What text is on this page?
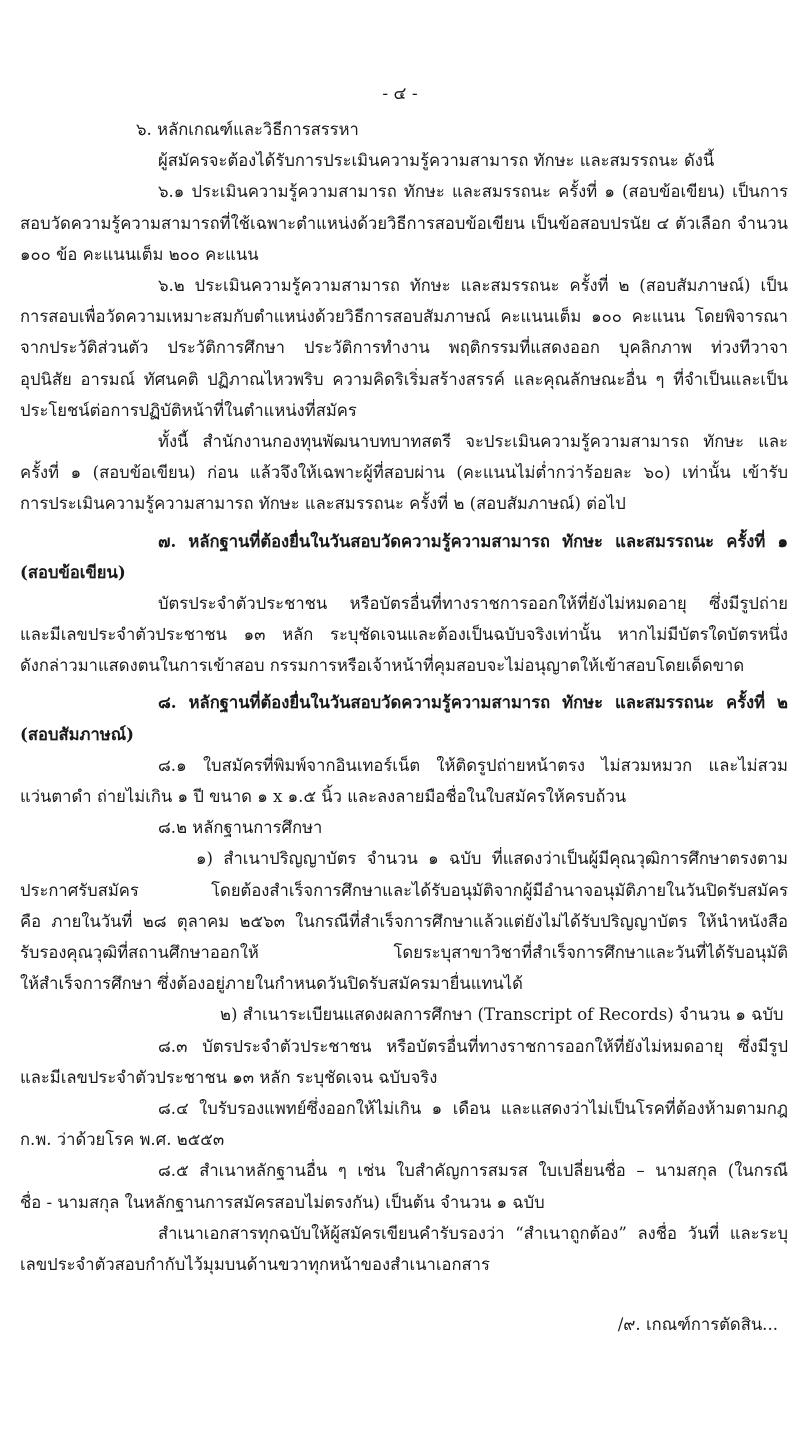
- ๔ -
๖. หลักเกณฑ์และวิธีการสรรหา
ผู้สมัครจะต้องได้รับการประเมินความรู้ความสามารถ ทักษะ และสมรรถนะ ดังนี้
๖.๑ ประเมินความรู้ความสามารถ ทักษะ และสมรรถนะ ครั้งที่ ๑ (สอบข้อเขียน) เป็นการ
สอบวัดความรู้ความสามารถที่ใช้เฉพาะตำแหน่งด้วยวิธีการสอบข้อเขียน เป็นข้อสอบปรนัย ๔ ตัวเลือก จำนวน
๑๐๐ ข้อ คะแนนเต็ม ๒๐๐ คะแนน
๖.๒ ประเมินความรู้ความสามารถ ทักษะ และสมรรถนะ ครั้งที่ ๒ (สอบสัมภาษณ์) เป็น
การสอบเพื่อวัดความเหมาะสมกับตำแหน่งด้วยวิธีการสอบสัมภาษณ์ คะแนนเต็ม ๑๐๐ คะแนน โดยพิจารณา
จากประวัติส่วนตัว ประวัติการศึกษา ประวัติการทำงาน พฤติกรรมที่แสดงออก บุคลิกภาพ ท่วงทีวาจา
อุปนิสัย อารมณ์ ทัศนคติ ปฏิภาณไหวพริบ ความคิดริเริ่มสร้างสรรค์ และคุณลักษณะอื่น ๆ ที่จำเป็นและเป็น
ประโยชน์ต่อการปฏิบัติหน้าที่ในตำแหน่งที่สมัคร
ทั้งนี้ สำนักงานกองทุนพัฒนาบทบาทสตรี จะประเมินความรู้ความสามารถ ทักษะ และ
ครั้งที่ ๑ (สอบข้อเขียน) ก่อน แล้วจึงให้เฉพาะผู้ที่สอบผ่าน (คะแนนไม่ต่ำกว่าร้อยละ ๖๐) เท่านั้น เข้ารับ
การประเมินความรู้ความสามารถ ทักษะ และสมรรถนะ ครั้งที่ ๒ (สอบสัมภาษณ์) ต่อไป
๗. หลักฐานที่ต้องยื่นในวันสอบวัดความรู้ความสามารถ ทักษะ และสมรรถนะ ครั้งที่ ๑
(สอบข้อเขียน)
บัตรประจำตัวประชาชน หรือบัตรอื่นที่ทางราชการออกให้ที่ยังไม่หมดอายุ ซึ่งมีรูปถ่าย
และมีเลขประจำตัวประชาชน ๑๓ หลัก ระบุชัดเจนและต้องเป็นฉบับจริงเท่านั้น หากไม่มีบัตรใดบัตรหนึ่ง
ดังกล่าวมาแสดงตนในการเข้าสอบ กรรมการหรือเจ้าหน้าที่คุมสอบจะไม่อนุญาตให้เข้าสอบโดยเด็ดขาด
๘. หลักฐานที่ต้องยื่นในวันสอบวัดความรู้ความสามารถ ทักษะ และสมรรถนะ ครั้งที่ ๒
(สอบสัมภาษณ์)
๘.๑ ใบสมัครที่พิมพ์จากอินเทอร์เน็ต ให้ติดรูปถ่ายหน้าตรง ไม่สวมหมวก และไม่สวม
แว่นตาดำ ถ่ายไม่เกิน ๑ ปี ขนาด ๑ x ๑.๕ นิ้ว และลงลายมือชื่อในใบสมัครให้ครบถ้วน
๘.๒ หลักฐานการศึกษา
๑) สำเนาปริญญาบัตร จำนวน ๑ ฉบับ ที่แสดงว่าเป็นผู้มีคุณวุฒิการศึกษาตรงตาม
ประกาศรับสมัคร โดยต้องสำเร็จการศึกษาและได้รับอนุมัติจากผู้มีอำนาจอนุมัติภายในวันปิดรับสมัคร
คือ ภายในวันที่ ๒๘ ตุลาคม ๒๕๖๓ ในกรณีที่สำเร็จการศึกษาแล้วแต่ยังไม่ได้รับปริญญาบัตร ให้นำหนังสือ
รับรองคุณวุฒิที่สถานศึกษาออกให้ โดยระบุสาขาวิชาที่สำเร็จการศึกษาและวันที่ได้รับอนุมัติ
ให้สำเร็จการศึกษา ซึ่งต้องอยู่ภายในกำหนดวันปิดรับสมัครมายื่นแทนได้
๒) สำเนาระเบียนแสดงผลการศึกษา (Transcript of Records) จำนวน ๑ ฉบับ
๘.๓ บัตรประจำตัวประชาชน หรือบัตรอื่นที่ทางราชการออกให้ที่ยังไม่หมดอายุ ซึ่งมีรูป
และมีเลขประจำตัวประชาชน ๑๓ หลัก ระบุชัดเจน ฉบับจริง
๘.๔ ใบรับรองแพทย์ซึ่งออกให้ไม่เกิน ๑ เดือน และแสดงว่าไม่เป็นโรคที่ต้องห้ามตามกฎ
ก.พ. ว่าด้วยโรค พ.ศ. ๒๕๕๓
๘.๕ สำเนาหลักฐานอื่น ๆ เช่น ใบสำคัญการสมรส ใบเปลี่ยนชื่อ – นามสกุล (ในกรณี
ชื่อ - นามสกุล ในหลักฐานการสมัครสอบไม่ตรงกัน) เป็นต้น จำนวน ๑ ฉบับ
สำเนาเอกสารทุกฉบับให้ผู้สมัครเขียนคำรับรองว่า “สำเนาถูกต้อง” ลงชื่อ วันที่ และระบุ
เลขประจำตัวสอบกำกับไว้มุมบนด้านขวาทุกหน้าของสำเนาเอกสาร
/๙. เกณฑ์การตัดสิน...
